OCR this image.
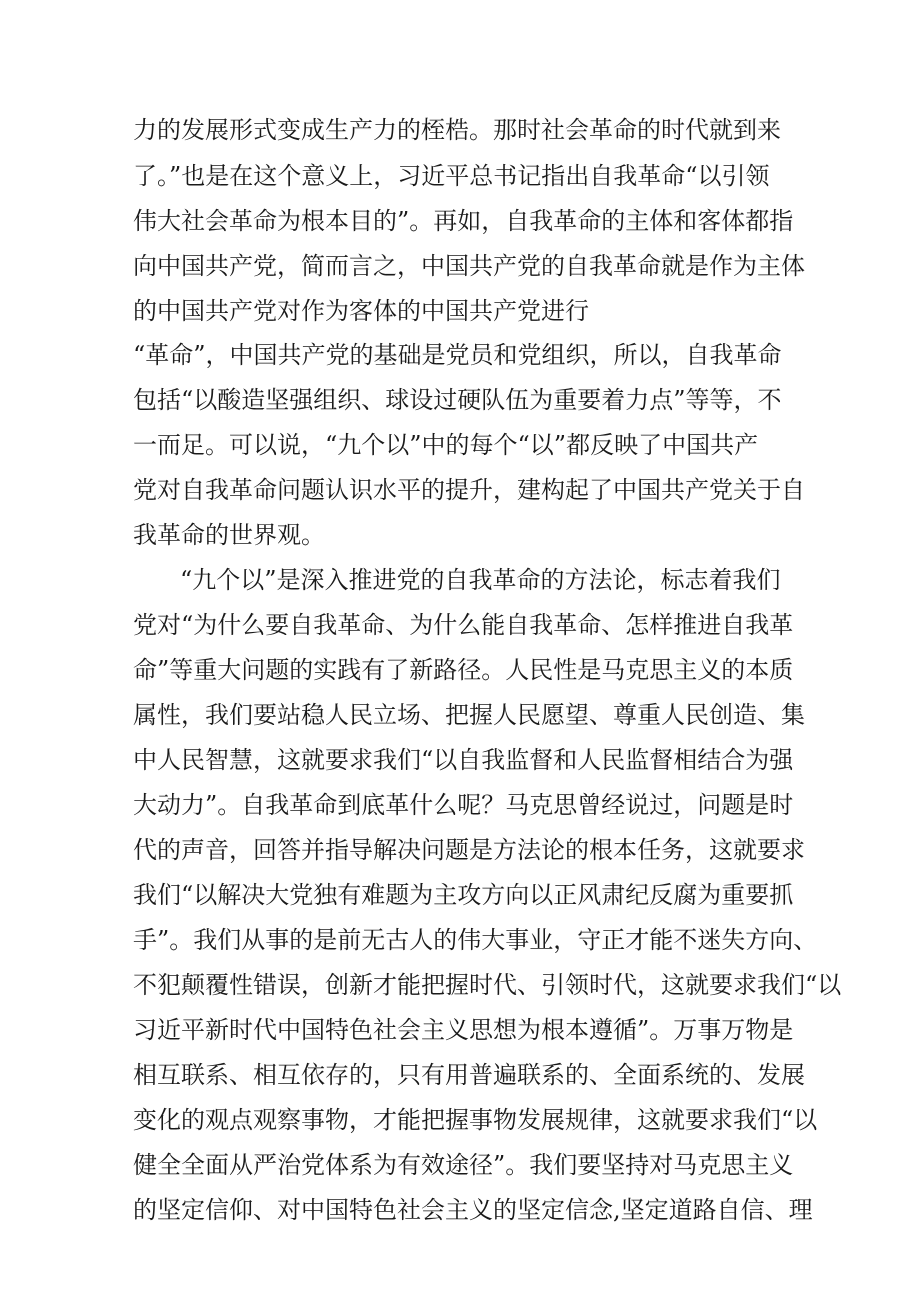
力的发展形式变成生产力的桎梏。那时社会革命的时代就到来

了。”也是在这个意义上，习近平总书记指出自我革命“以引领

伟大社会革命为根本目的”。再如，自我革命的主体和客体都指

向中国共产党，简而言之，中国共产党的自我革命就是作为主体

的中国共产党对作为客体的中国共产党进行

“革命”，中国共产党的基础是党员和党组织，所以，自我革命

包括“以酸造坚强组织、球设过硬队伍为重要着力点”等等，不

一而足。可以说，“九个以”中的每个“以”都反映了中国共产

党对自我革命问题认识水平的提升，建构起了中国共产党关于自

我革命的世界观。

“九个以”是深入推进党的自我革命的方法论，标志着我们

党对“为什么要自我革命、为什么能自我革命、怎样推进自我革

命”等重大问题的实践有了新路径。人民性是马克思主义的本质

属性，我们要站稳人民立场、把握人民愿望、尊重人民创造、集

中人民智慧，这就要求我们“以自我监督和人民监督相结合为强

大动力”。自我革命到底革什么呢？马克思曾经说过，问题是时

代的声音，回答并指导解决问题是方法论的根本任务，这就要求

我们“以解决大党独有难题为主攻方向以正风肃纪反腐为重要抓

手”。我们从事的是前无古人的伟大事业，守正才能不迷失方向、

不犯颠覆性错误，创新才能把握时代、引领时代，这就要求我们“以

习近平新时代中国特色社会主义思想为根本遵循”。万事万物是

相互联系、相互依存的，只有用普遍联系的、全面系统的、发展

变化的观点观察事物，才能把握事物发展规律，这就要求我们“以

健全全面从严治党体系为有效途径”。我们要坚持对马克思主义

的坚定信仰、对中国特色社会主义的坚定信念,坚定道路自信、理
